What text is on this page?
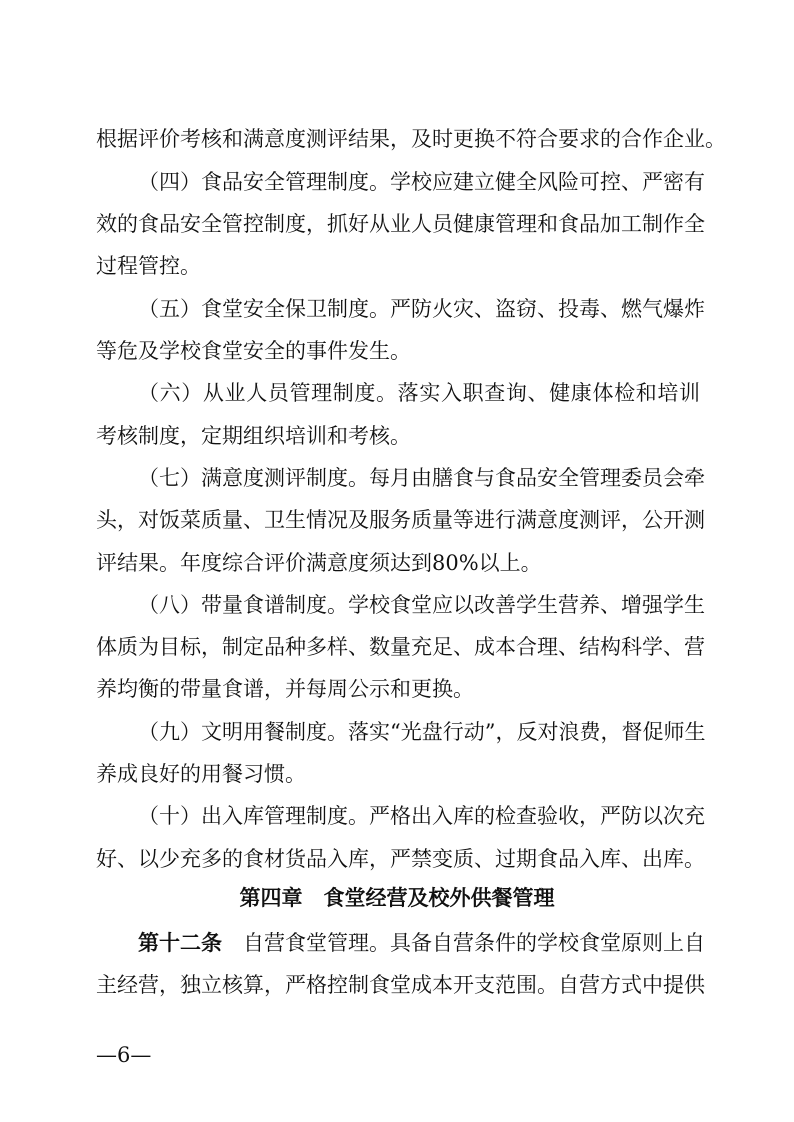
根据评价考核和满意度测评结果，及时更换不符合要求的合作企业。
（四）食品安全管理制度。学校应建立健全风险可控、严密有
效的食品安全管控制度，抓好从业人员健康管理和食品加工制作全
过程管控。
（五）食堂安全保卫制度。严防火灾、盗窃、投毒、燃气爆炸
等危及学校食堂安全的事件发生。
（六）从业人员管理制度。落实入职查询、健康体检和培训
考核制度，定期组织培训和考核。
（七）满意度测评制度。每月由膳食与食品安全管理委员会牵
头，对饭菜质量、卫生情况及服务质量等进行满意度测评，公开测
评结果。年度综合评价满意度须达到80%以上。
（八）带量食谱制度。学校食堂应以改善学生营养、增强学生
体质为目标，制定品种多样、数量充足、成本合理、结构科学、营
养均衡的带量食谱，并每周公示和更换。
（九）文明用餐制度。落实“光盘行动”，反对浪费，督促师生
养成良好的用餐习惯。
（十）出入库管理制度。严格出入库的检查验收，严防以次充
好、以少充多的食材货品入库，严禁变质、过期食品入库、出库。
第四章　食堂经营及校外供餐管理
第十二条　 自营食堂管理。具备自营条件的学校食堂原则上自
主经营，独立核算，严格控制食堂成本开支范围。自营方式中提供
—6—
